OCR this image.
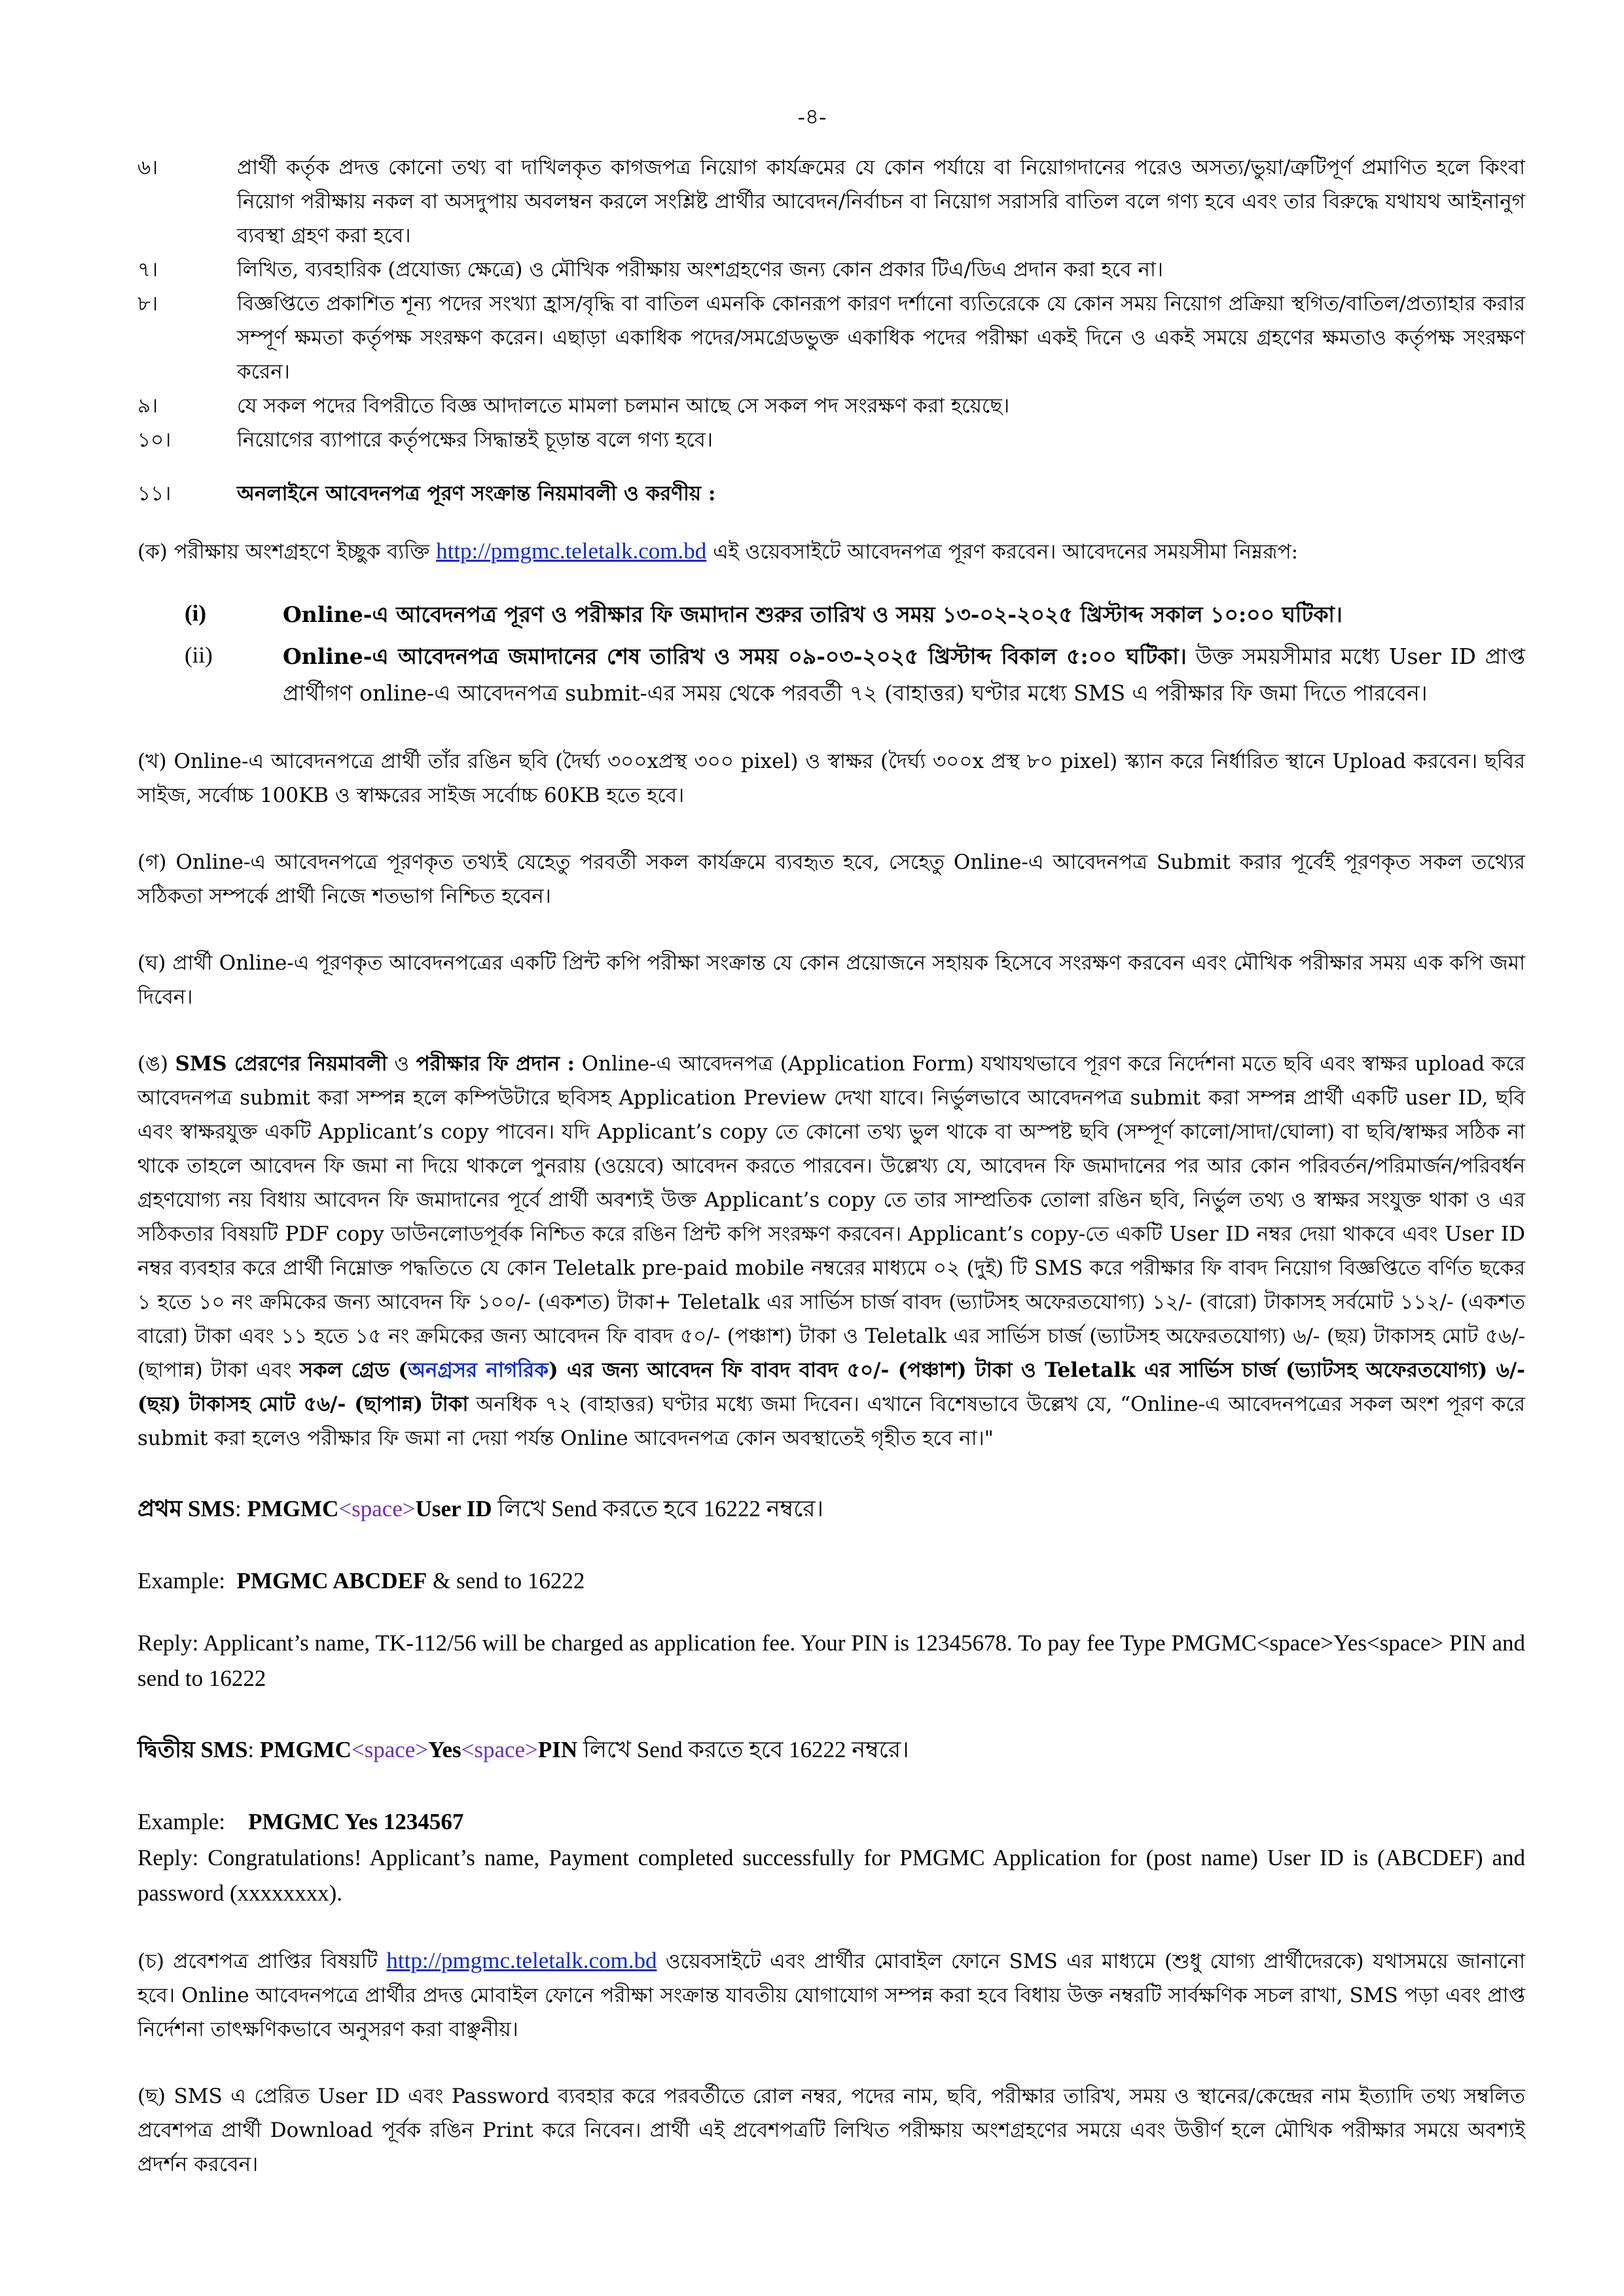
-৪-
৬।	প্রার্থী কর্তৃক প্রদত্ত কোনো তথ্য বা দাখিলকৃত কাগজপত্র নিয়োগ কার্যক্রমের যে কোন পর্যায়ে বা নিয়োগদানের পরেও অসত্য/ভুয়া/ত্রুটিপূর্ণ প্রমাণিত হলে কিংবা নিয়োগ পরীক্ষায় নকল বা অসদুপায় অবলম্বন করলে সংশ্লিষ্ট প্রার্থীর আবেদন/নির্বাচন বা নিয়োগ সরাসরি বাতিল বলে গণ্য হবে এবং তার বিরুদ্ধে যথাযথ আইনানুগ ব্যবস্থা গ্রহণ করা হবে।
৭।	লিখিত, ব্যবহারিক (প্রযোজ্য ক্ষেত্রে) ও মৌখিক পরীক্ষায় অংশগ্রহণের জন্য কোন প্রকার টিএ/ডিএ প্রদান করা হবে না।
৮।	বিজ্ঞপ্তিতে প্রকাশিত শূন্য পদের সংখ্যা হ্রাস/বৃদ্ধি বা বাতিল এমনকি কোনরূপ কারণ দর্শানো ব্যতিরেকে যে কোন সময় নিয়োগ প্রক্রিয়া স্থগিত/বাতিল/প্রত্যাহার করার সম্পূর্ণ ক্ষমতা কর্তৃপক্ষ সংরক্ষণ করেন। এছাড়া একাধিক পদের/সমগ্রেডভুক্ত একাধিক পদের পরীক্ষা একই দিনে ও একই সময়ে গ্রহণের ক্ষমতাও কর্তৃপক্ষ সংরক্ষণ করেন।
৯।	যে সকল পদের বিপরীতে বিজ্ঞ আদালতে মামলা চলমান আছে সে সকল পদ সংরক্ষণ করা হয়েছে।
১০।	নিয়োগের ব্যাপারে কর্তৃপক্ষের সিদ্ধান্তই চূড়ান্ত বলে গণ্য হবে।
১১।	অনলাইনে আবেদনপত্র পূরণ সংক্রান্ত নিয়মাবলী ও করণীয় :
(ক) পরীক্ষায় অংশগ্রহণে ইচ্ছুক ব্যক্তি http://pmgmc.teletalk.com.bd এই ওয়েবসাইটে আবেদনপত্র পূরণ করবেন। আবেদনের সময়সীমা নিম্নরূপ:
(i)	Online-এ আবেদনপত্র পূরণ ও পরীক্ষার ফি জমাদান শুরুর তারিখ ও সময় ১৩-০২-২০২৫ খ্রিস্টাব্দ সকাল ১০:০০ ঘটিকা।
(ii)	Online-এ আবেদনপত্র জমাদানের শেষ তারিখ ও সময় ০৯-০৩-২০২৫ খ্রিস্টাব্দ বিকাল ৫:০০ ঘটিকা। উক্ত সময়সীমার মধ্যে User ID প্রাপ্ত প্রার্থীগণ online-এ আবেদনপত্র submit-এর সময় থেকে পরবর্তী ৭২ (বাহাত্তর) ঘণ্টার মধ্যে SMS এ পরীক্ষার ফি জমা দিতে পারবেন।
(খ) Online-এ আবেদনপত্রে প্রার্থী তাঁর রঙিন ছবি (দৈর্ঘ্য ৩০০xপ্রস্থ ৩০০ pixel) ও স্বাক্ষর (দৈর্ঘ্য ৩০০x প্রস্থ ৮০ pixel) স্ক্যান করে নির্ধারিত স্থানে Upload করবেন। ছবির সাইজ, সর্বোচ্চ 100KB ও স্বাক্ষরের সাইজ সর্বোচ্চ 60KB হতে হবে।
(গ) Online-এ আবেদনপত্রে পূরণকৃত তথ্যই যেহেতু পরবর্তী সকল কার্যক্রমে ব্যবহৃত হবে, সেহেতু Online-এ আবেদনপত্র Submit করার পূর্বেই পূরণকৃত সকল তথ্যের সঠিকতা সম্পর্কে প্রার্থী নিজে শতভাগ নিশ্চিত হবেন।
(ঘ) প্রার্থী Online-এ পূরণকৃত আবেদনপত্রের একটি প্রিন্ট কপি পরীক্ষা সংক্রান্ত যে কোন প্রয়োজনে সহায়ক হিসেবে সংরক্ষণ করবেন এবং মৌখিক পরীক্ষার সময় এক কপি জমা দিবেন।
(ঙ) SMS প্রেরণের নিয়মাবলী ও পরীক্ষার ফি প্রদান : Online-এ আবেদনপত্র (Application Form) যথাযথভাবে পূরণ করে নির্দেশনা মতে ছবি এবং স্বাক্ষর upload করে আবেদনপত্র submit করা সম্পন্ন হলে কম্পিউটারে ছবিসহ Application Preview দেখা যাবে। নির্ভুলভাবে আবেদনপত্র submit করা সম্পন্ন প্রার্থী একটি user ID, ছবি এবং স্বাক্ষরযুক্ত একটি Applicant’s copy পাবেন। যদি Applicant’s copy তে কোনো তথ্য ভুল থাকে বা অস্পষ্ট ছবি (সম্পূর্ণ কালো/সাদা/ঘোলা) বা ছবি/স্বাক্ষর সঠিক না থাকে তাহলে আবেদন ফি জমা না দিয়ে থাকলে পুনরায় (ওয়েবে) আবেদন করতে পারবেন। উল্লেখ্য যে, আবেদন ফি জমাদানের পর আর কোন পরিবর্তন/পরিমার্জন/পরিবর্ধন গ্রহণযোগ্য নয় বিধায় আবেদন ফি জমাদানের পূর্বে প্রার্থী অবশ্যই উক্ত Applicant’s copy তে তার সাম্প্রতিক তোলা রঙিন ছবি, নির্ভুল তথ্য ও স্বাক্ষর সংযুক্ত থাকা ও এর সঠিকতার বিষয়টি PDF copy ডাউনলোডপূর্বক নিশ্চিত করে রঙিন প্রিন্ট কপি সংরক্ষণ করবেন। Applicant’s copy-তে একটি User ID নম্বর দেয়া থাকবে এবং User ID নম্বর ব্যবহার করে প্রার্থী নিম্নোক্ত পদ্ধতিতে যে কোন Teletalk pre-paid mobile নম্বরের মাধ্যমে ০২ (দুই) টি SMS করে পরীক্ষার ফি বাবদ নিয়োগ বিজ্ঞপ্তিতে বর্ণিত ছকের ১ হতে ১০ নং ক্রমিকের জন্য আবেদন ফি ১০০/- (একশত) টাকা+ Teletalk এর সার্ভিস চার্জ বাবদ (ভ্যাটসহ অফেরতযোগ্য) ১২/- (বারো) টাকাসহ সর্বমোট ১১২/- (একশত বারো) টাকা এবং ১১ হতে ১৫ নং ক্রমিকের জন্য আবেদন ফি বাবদ ৫০/- (পঞ্চাশ) টাকা ও Teletalk এর সার্ভিস চার্জ (ভ্যাটসহ অফেরতযোগ্য) ৬/- (ছয়) টাকাসহ মোট ৫৬/- (ছাপান্ন) টাকা এবং সকল গ্রেড (অনগ্রসর নাগরিক) এর জন্য আবেদন ফি বাবদ বাবদ ৫০/- (পঞ্চাশ) টাকা ও Teletalk এর সার্ভিস চার্জ (ভ্যাটসহ অফেরতযোগ্য) ৬/- (ছয়) টাকাসহ মোট ৫৬/- (ছাপান্ন) টাকা অনধিক ৭২ (বাহাত্তর) ঘণ্টার মধ্যে জমা দিবেন। এখানে বিশেষভাবে উল্লেখ যে, “Online-এ আবেদনপত্রের সকল অংশ পূরণ করে submit করা হলেও পরীক্ষার ফি জমা না দেয়া পর্যন্ত Online আবেদনপত্র কোন অবস্থাতেই গৃহীত হবে না।"
প্রথম SMS: PMGMC<space>User ID লিখে Send করতে হবে 16222 নম্বরে।
Example:  PMGMC ABCDEF & send to 16222
Reply: Applicant’s name, TK-112/56 will be charged as application fee. Your PIN is 12345678. To pay fee Type PMGMC<space>Yes<space> PIN and send to 16222
দ্বিতীয় SMS: PMGMC<space>Yes<space>PIN লিখে Send করতে হবে 16222 নম্বরে।
Example:    PMGMC Yes 1234567
Reply: Congratulations! Applicant’s name, Payment completed successfully for PMGMC Application for (post name) User ID is (ABCDEF) and password (xxxxxxxx).
(চ) প্রবেশপত্র প্রাপ্তির বিষয়টি http://pmgmc.teletalk.com.bd ওয়েবসাইটে এবং প্রার্থীর মোবাইল ফোনে SMS এর মাধ্যমে (শুধু যোগ্য প্রার্থীদেরকে) যথাসময়ে জানানো হবে। Online আবেদনপত্রে প্রার্থীর প্রদত্ত মোবাইল ফোনে পরীক্ষা সংক্রান্ত যাবতীয় যোগাযোগ সম্পন্ন করা হবে বিধায় উক্ত নম্বরটি সার্বক্ষণিক সচল রাখা, SMS পড়া এবং প্রাপ্ত নির্দেশনা তাৎক্ষণিকভাবে অনুসরণ করা বাঞ্ছনীয়।
(ছ) SMS এ প্রেরিত User ID এবং Password ব্যবহার করে পরবর্তীতে রোল নম্বর, পদের নাম, ছবি, পরীক্ষার তারিখ, সময় ও স্থানের/কেন্দ্রের নাম ইত্যাদি তথ্য সম্বলিত প্রবেশপত্র প্রার্থী Download পূর্বক রঙিন Print করে নিবেন। প্রার্থী এই প্রবেশপত্রটি লিখিত পরীক্ষায় অংশগ্রহণের সময়ে এবং উত্তীর্ণ হলে মৌখিক পরীক্ষার সময়ে অবশ্যই প্রদর্শন করবেন।
